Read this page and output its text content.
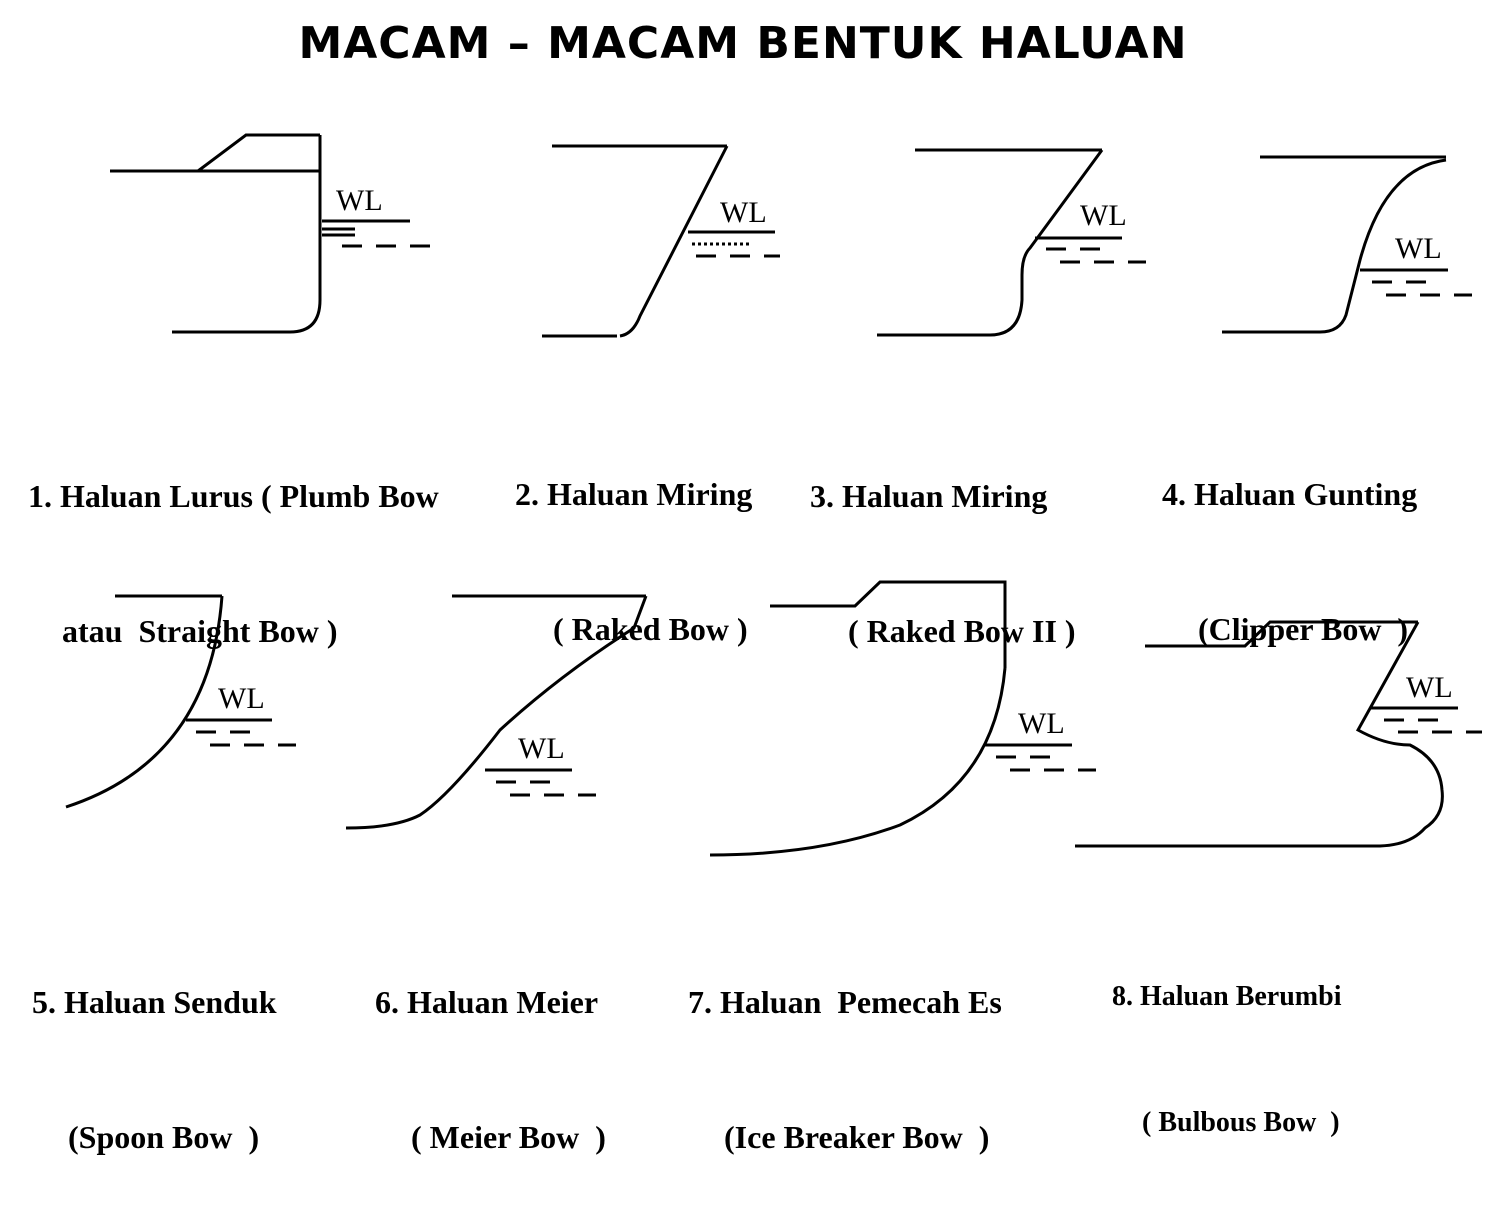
MACAM – MACAM BENTUK HALUAN
WL	WL	WL
WL
WL
WL
WL
WL

1. Haluan Lurus ( Plumb Bow

atau  Straight Bow )

2. Haluan Miring

( Raked Bow )

3. Haluan Miring

( Raked Bow II )

4. Haluan Gunting

(Clipper Bow  )

5. Haluan Senduk

(Spoon Bow  )

6. Haluan Meier

( Meier Bow  )

7. Haluan  Pemecah Es

(Ice Breaker Bow  )

8. Haluan Berumbi

( Bulbous Bow  )
